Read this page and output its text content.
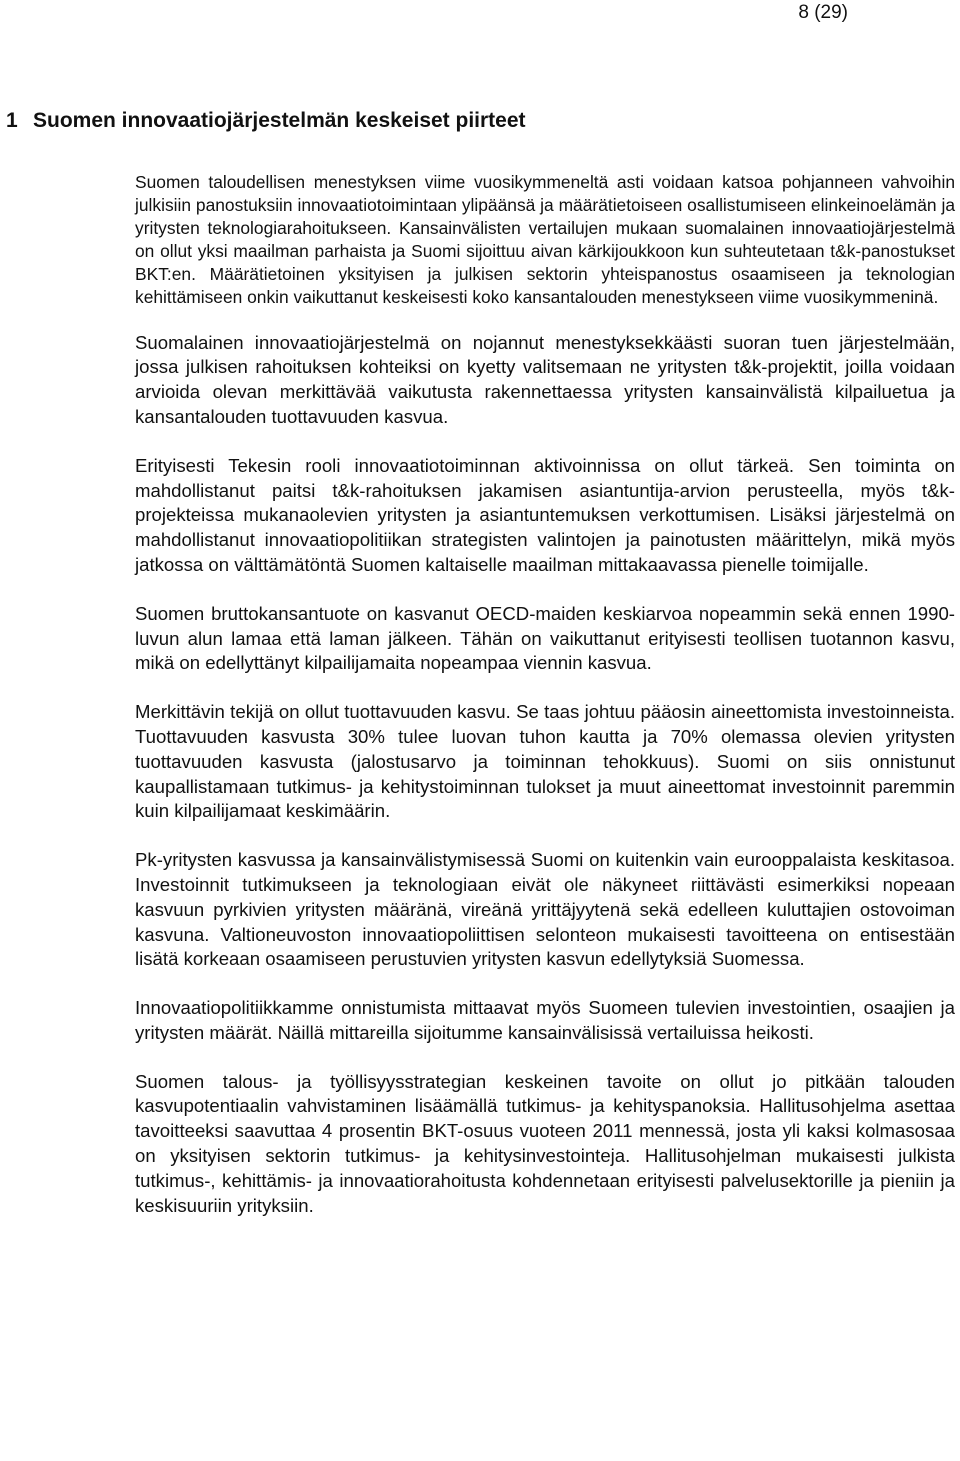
8 (29)
1 Suomen innovaatiojärjestelmän keskeiset piirteet

Suomen taloudellisen menestyksen viime vuosikymmeneltä asti voidaan katsoa pohjanneen vahvoihin julkisiin panostuksiin innovaatiotoimintaan ylipäänsä ja määrätietoiseen osallistumiseen elinkeinoelämän ja yritysten teknologiarahoitukseen. Kansainvälisten vertailujen mukaan suomalainen innovaatiojärjestelmä on ollut yksi maailman parhaista ja Suomi sijoittuu aivan kärkijoukkoon kun suhteutetaan t&k-panostukset BKT:en. Määrätietoinen yksityisen ja julkisen sektorin yhteispanostus osaamiseen ja teknologian kehittämiseen onkin vaikuttanut keskeisesti koko kansantalouden menestykseen viime vuosikymmeninä.

Suomalainen innovaatiojärjestelmä on nojannut menestyksekkäästi suoran tuen järjestelmään, jossa julkisen rahoituksen kohteiksi on kyetty valitsemaan ne yritysten t&k-projektit, joilla voidaan arvioida olevan merkittävää vaikutusta rakennettaessa yritysten kansainvälistä kilpailuetua ja kansantalouden tuottavuuden kasvua.

Erityisesti Tekesin rooli innovaatiotoiminnan aktivoinnissa on ollut tärkeä. Sen toiminta on mahdollistanut paitsi t&k-rahoituksen jakamisen asiantuntija-arvion perusteella, myös t&k-projekteissa mukanaolevien yritysten ja asiantuntemuksen verkottumisen. Lisäksi järjestelmä on mahdollistanut innovaatiopolitiikan strategisten valintojen ja painotusten määrittelyn, mikä myös jatkossa on välttämätöntä Suomen kaltaiselle maailman mittakaavassa pienelle toimijalle.

Suomen bruttokansantuote on kasvanut OECD-maiden keskiarvoa nopeammin sekä ennen 1990-luvun alun lamaa että laman jälkeen. Tähän on vaikuttanut erityisesti teollisen tuotannon kasvu, mikä on edellyttänyt kilpailijamaita nopeampaa viennin kasvua.

Merkittävin tekijä on ollut tuottavuuden kasvu. Se taas johtuu pääosin aineettomista investoinneista. Tuottavuuden kasvusta 30% tulee luovan tuhon kautta ja 70% olemassa olevien yritysten tuottavuuden kasvusta (jalostusarvo ja toiminnan tehokkuus). Suomi on siis onnistunut kaupallistamaan tutkimus- ja kehitystoiminnan tulokset ja muut aineettomat investoinnit paremmin kuin kilpailijamaat keskimäärin.

Pk-yritysten kasvussa ja kansainvälistymisessä Suomi on kuitenkin vain eurooppalaista keskitasoa. Investoinnit tutkimukseen ja teknologiaan eivät ole näkyneet riittävästi esimerkiksi nopeaan kasvuun pyrkivien yritysten määränä, vireänä yrittäjyytenä sekä edelleen kuluttajien ostovoiman kasvuna. Valtioneuvoston innovaatiopoliittisen selonteon mukaisesti tavoitteena on entisestään lisätä korkeaan osaamiseen perustuvien yritysten kasvun edellytyksiä Suomessa.

Innovaatiopolitiikkamme onnistumista mittaavat myös Suomeen tulevien investointien, osaajien ja yritysten määrät. Näillä mittareilla sijoitumme kansainvälisissä vertailuissa heikosti.

Suomen talous- ja työllisyysstrategian keskeinen tavoite on ollut jo pitkään talouden kasvupotentiaalin vahvistaminen lisäämällä tutkimus- ja kehityspanoksia. Hallitusohjelma asettaa tavoitteeksi saavuttaa 4 prosentin BKT-osuus vuoteen 2011 mennessä, josta yli kaksi kolmasosaa on yksityisen sektorin tutkimus- ja kehitysinvestointeja. Hallitusohjelman mukaisesti julkista tutkimus-, kehittämis- ja innovaatiorahoitusta kohdennetaan erityisesti palvelusektorille ja pieniin ja keskisuuriin yrityksiin.
